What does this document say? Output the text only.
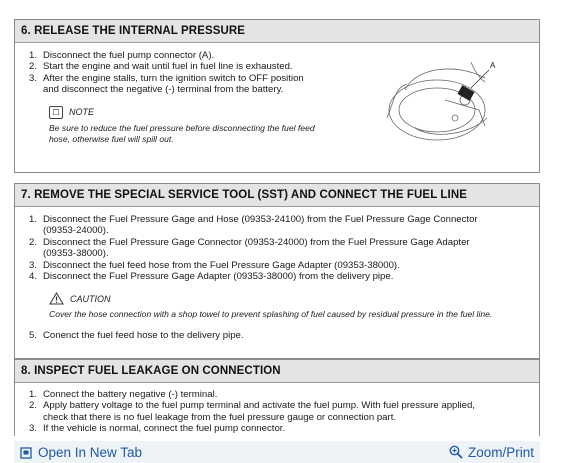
6. RELEASE THE INTERNAL PRESSURE
1. Disconnect the fuel pump connector (A).
2. Start the engine and wait until fuel in fuel line is exhausted.
3. After the engine stalls, turn the ignition switch to OFF position
and disconnect the negative (-) terminal from the battery.
☐	NOTE
Be sure to reduce the fuel pressure before disconnecting the fuel feed
hose, otherwise fuel will spill out.
A
7. REMOVE THE SPECIAL SERVICE TOOL (SST) AND CONNECT THE FUEL LINE
1. Disconnect the Fuel Pressure Gage and Hose (09353-24100) from the Fuel Pressure Gage Connector
(09353-24000).
2. Disconnect the Fuel Pressure Gage Connector (09353-24000) from the Fuel Pressure Gage Adapter
(09353-38000).
3. Disconnect the fuel feed hose from the Fuel Pressure Gage Adapter (09353-38000).
4. Disconnect the Fuel Pressure Gage Adapter (09353-38000) from the delivery pipe.
CAUTION
Cover the hose connection with a shop towel to prevent splashing of fuel caused by residual pressure in the fuel line.
5. Conenct the fuel feed hose to the delivery pipe.
8. INSPECT FUEL LEAKAGE ON CONNECTION
1. Connect the battery negative (-) terminal.
2. Apply battery voltage to the fuel pump terminal and activate the fuel pump. With fuel pressure applied,
check that there is no fuel leakage from the fuel pressure gauge or connection part.
3. If the vehicle is normal, connect the fuel pump connector.
Open In New Tab	Zoom/Print
